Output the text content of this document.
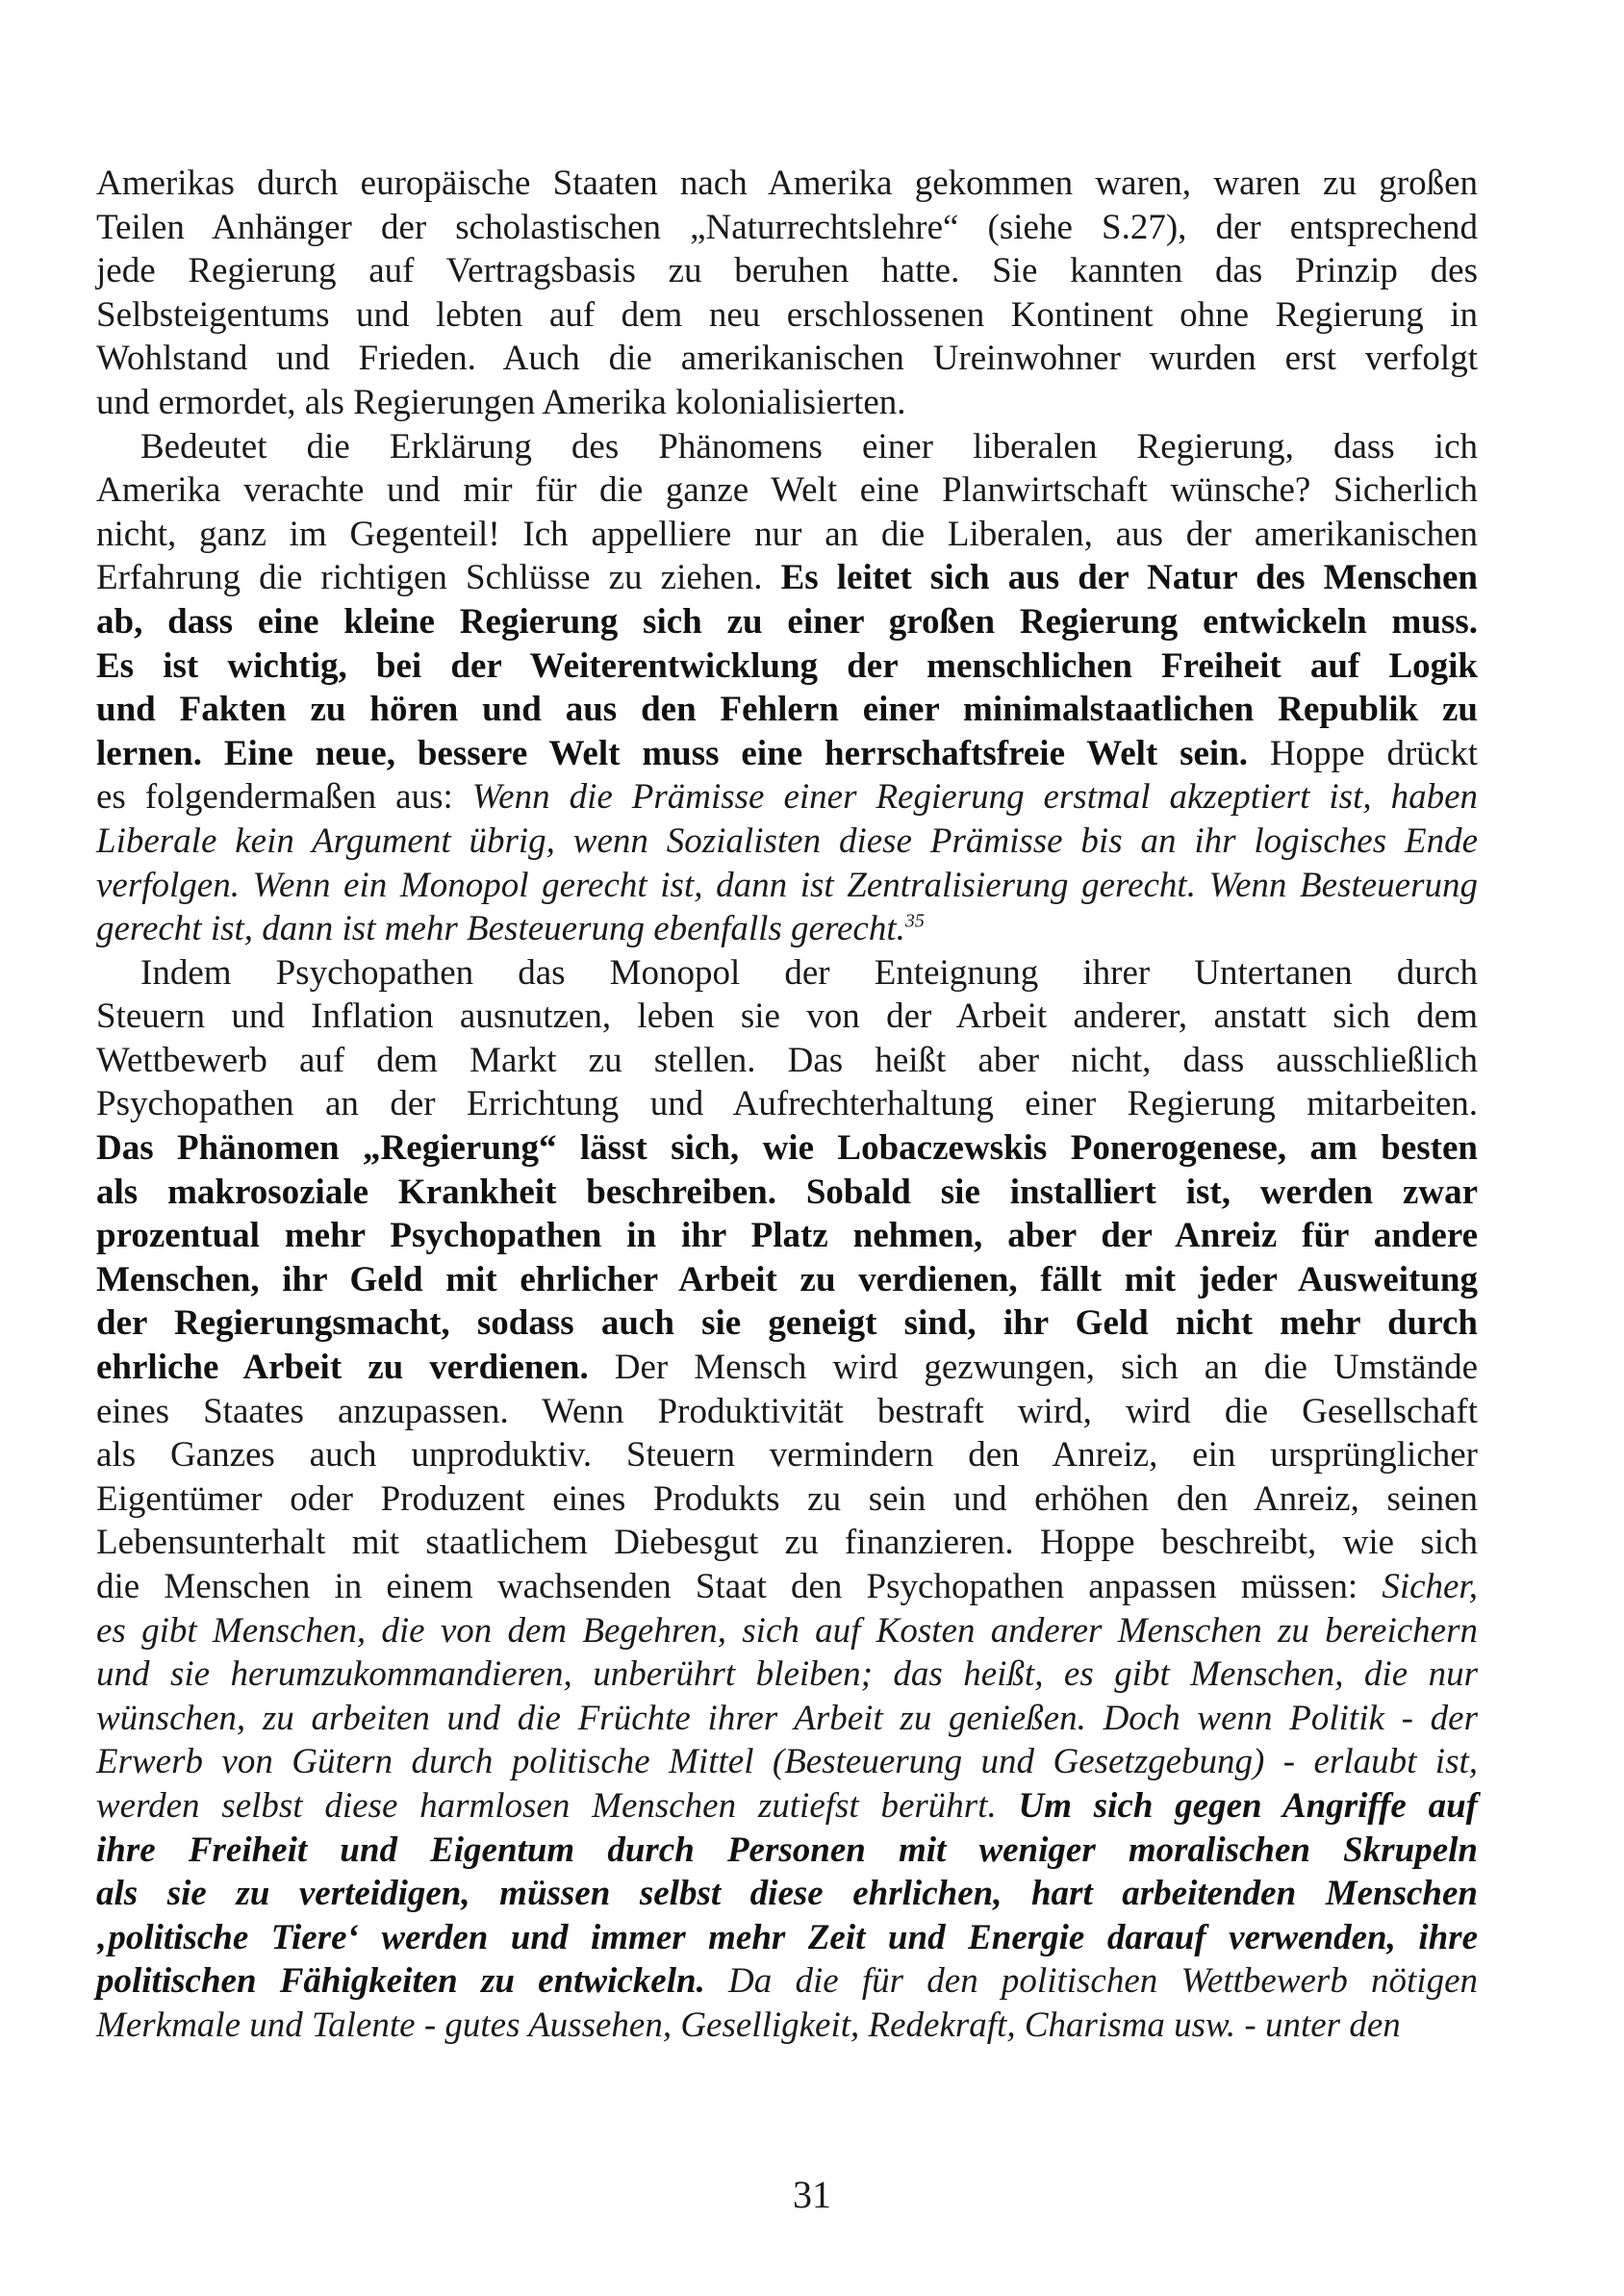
Amerikas durch europäische Staaten nach Amerika gekommen waren, waren zu großen
Teilen Anhänger der scholastischen „Naturrechtslehre“ (siehe S.27), der entsprechend
jede Regierung auf Vertragsbasis zu beruhen hatte. Sie kannten das Prinzip des
Selbsteigentums und lebten auf dem neu erschlossenen Kontinent ohne Regierung in
Wohlstand und Frieden. Auch die amerikanischen Ureinwohner wurden erst verfolgt
und ermordet, als Regierungen Amerika kolonialisierten.

Bedeutet die Erklärung des Phänomens einer liberalen Regierung, dass ich
Amerika verachte und mir für die ganze Welt eine Planwirtschaft wünsche? Sicherlich
nicht, ganz im Gegenteil! Ich appelliere nur an die Liberalen, aus der amerikanischen
Erfahrung die richtigen Schlüsse zu ziehen. Es leitet sich aus der Natur des Menschen
ab, dass eine kleine Regierung sich zu einer großen Regierung entwickeln muss.
Es ist wichtig, bei der Weiterentwicklung der menschlichen Freiheit auf Logik
und Fakten zu hören und aus den Fehlern einer minimalstaatlichen Republik zu
lernen. Eine neue, bessere Welt muss eine herrschaftsfreie Welt sein. Hoppe drückt
es folgendermaßen aus: Wenn die Prämisse einer Regierung erstmal akzeptiert ist, haben
Liberale kein Argument übrig, wenn Sozialisten diese Prämisse bis an ihr logisches Ende
verfolgen. Wenn ein Monopol gerecht ist, dann ist Zentralisierung gerecht. Wenn Besteuerung
gerecht ist, dann ist mehr Besteuerung ebenfalls gerecht.$^{35}$

Indem Psychopathen das Monopol der Enteignung ihrer Untertanen durch
Steuern und Inflation ausnutzen, leben sie von der Arbeit anderer, anstatt sich dem
Wettbewerb auf dem Markt zu stellen. Das heißt aber nicht, dass ausschließlich
Psychopathen an der Errichtung und Aufrechterhaltung einer Regierung mitarbeiten.
Das Phänomen „Regierung“ lässt sich, wie Lobaczewskis Ponerogenese, am besten
als makrosoziale Krankheit beschreiben. Sobald sie installiert ist, werden zwar
prozentual mehr Psychopathen in ihr Platz nehmen, aber der Anreiz für andere
Menschen, ihr Geld mit ehrlicher Arbeit zu verdienen, fällt mit jeder Ausweitung
der Regierungsmacht, sodass auch sie geneigt sind, ihr Geld nicht mehr durch
ehrliche Arbeit zu verdienen. Der Mensch wird gezwungen, sich an die Umstände
eines Staates anzupassen. Wenn Produktivität bestraft wird, wird die Gesellschaft
als Ganzes auch unproduktiv. Steuern vermindern den Anreiz, ein ursprünglicher
Eigentümer oder Produzent eines Produkts zu sein und erhöhen den Anreiz, seinen
Lebensunterhalt mit staatlichem Diebesgut zu finanzieren. Hoppe beschreibt, wie sich
die Menschen in einem wachsenden Staat den Psychopathen anpassen müssen: Sicher,
es gibt Menschen, die von dem Begehren, sich auf Kosten anderer Menschen zu bereichern
und sie herumzukommandieren, unberührt bleiben; das heißt, es gibt Menschen, die nur
wünschen, zu arbeiten und die Früchte ihrer Arbeit zu genießen. Doch wenn Politik - der
Erwerb von Gütern durch politische Mittel (Besteuerung und Gesetzgebung) - erlaubt ist,
werden selbst diese harmlosen Menschen zutiefst berührt. Um sich gegen Angriffe auf
ihre Freiheit und Eigentum durch Personen mit weniger moralischen Skrupeln
als sie zu verteidigen, müssen selbst diese ehrlichen, hart arbeitenden Menschen
‚politische Tiere‘ werden und immer mehr Zeit und Energie darauf verwenden, ihre
politischen Fähigkeiten zu entwickeln. Da die für den politischen Wettbewerb nötigen
Merkmale und Talente - gutes Aussehen, Geselligkeit, Redekraft, Charisma usw. - unter den

31
